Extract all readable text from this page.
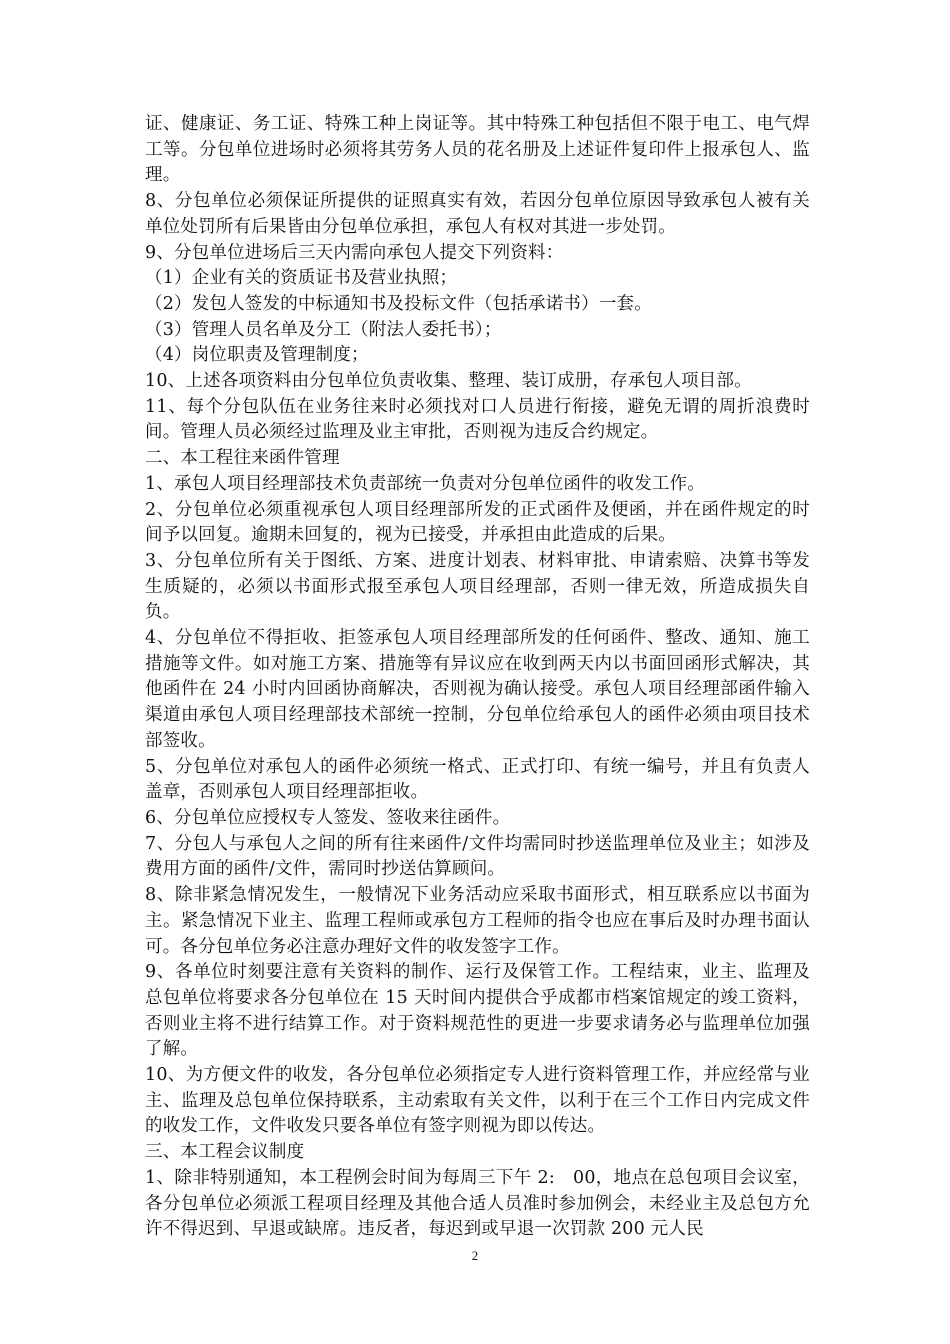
证、健康证、务工证、特殊工种上岗证等。其中特殊工种包括但不限于电工、电气焊工等。分包单位进场时必须将其劳务人员的花名册及上述证件复印件上报承包人、监理。

8、分包单位必须保证所提供的证照真实有效，若因分包单位原因导致承包人被有关单位处罚所有后果皆由分包单位承担，承包人有权对其进一步处罚。

9、分包单位进场后三天内需向承包人提交下列资料：

（1）企业有关的资质证书及营业执照；

（2）发包人签发的中标通知书及投标文件（包括承诺书）一套。

（3）管理人员名单及分工（附法人委托书）；

（4）岗位职责及管理制度；

10、上述各项资料由分包单位负责收集、整理、装订成册，存承包人项目部。

11、每个分包队伍在业务往来时必须找对口人员进行衔接，避免无谓的周折浪费时间。管理人员必须经过监理及业主审批，否则视为违反合约规定。

二、本工程往来函件管理

1、承包人项目经理部技术负责部统一负责对分包单位函件的收发工作。

2、分包单位必须重视承包人项目经理部所发的正式函件及便函，并在函件规定的时间予以回复。逾期未回复的，视为已接受，并承担由此造成的后果。

3、分包单位所有关于图纸、方案、进度计划表、材料审批、申请索赔、决算书等发生质疑的，必须以书面形式报至承包人项目经理部，否则一律无效，所造成损失自负。

4、分包单位不得拒收、拒签承包人项目经理部所发的任何函件、整改、通知、施工措施等文件。如对施工方案、措施等有异议应在收到两天内以书面回函形式解决，其他函件在 24 小时内回函协商解决，否则视为确认接受。承包人项目经理部函件输入渠道由承包人项目经理部技术部统一控制，分包单位给承包人的函件必须由项目技术部签收。

5、分包单位对承包人的函件必须统一格式、正式打印、有统一编号，并且有负责人盖章，否则承包人项目经理部拒收。

6、分包单位应授权专人签发、签收来往函件。

7、分包人与承包人之间的所有往来函件/文件均需同时抄送监理单位及业主；如涉及费用方面的函件/文件，需同时抄送估算顾问。

8、除非紧急情况发生，一般情况下业务活动应采取书面形式，相互联系应以书面为主。紧急情况下业主、监理工程师或承包方工程师的指令也应在事后及时办理书面认可。各分包单位务必注意办理好文件的收发签字工作。

9、各单位时刻要注意有关资料的制作、运行及保管工作。工程结束，业主、监理及总包单位将要求各分包单位在 15 天时间内提供合乎成都市档案馆规定的竣工资料，否则业主将不进行结算工作。对于资料规范性的更进一步要求请务必与监理单位加强了解。

10、为方便文件的收发，各分包单位必须指定专人进行资料管理工作，并应经常与业主、监理及总包单位保持联系，主动索取有关文件，以利于在三个工作日内完成文件的收发工作，文件收发只要各单位有签字则视为即以传达。

三、本工程会议制度

1、除非特别通知，本工程例会时间为每周三下午 2:　00，地点在总包项目会议室，各分包单位必须派工程项目经理及其他合适人员准时参加例会，未经业主及总包方允许不得迟到、早退或缺席。违反者，每迟到或早退一次罚款 200 元人民

2
